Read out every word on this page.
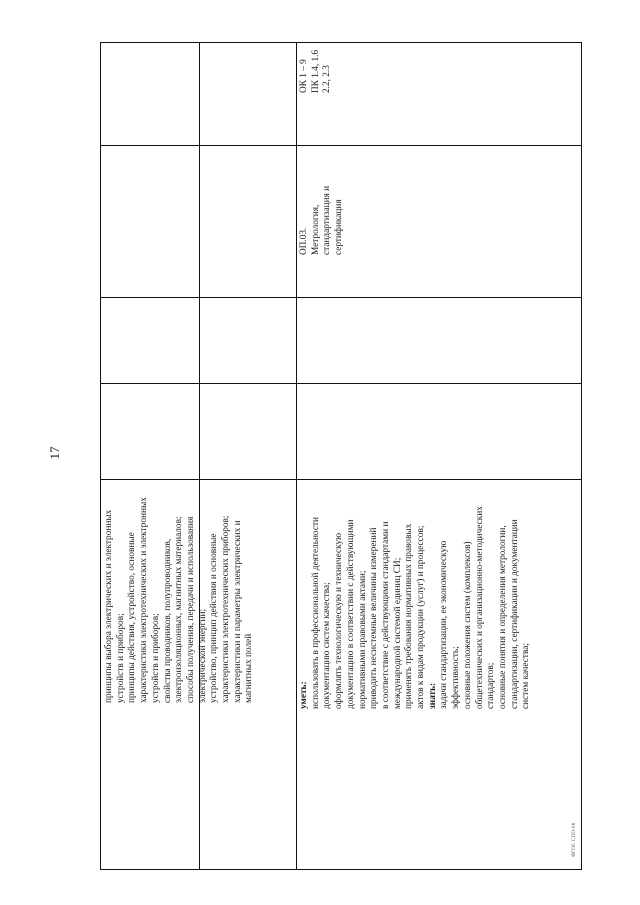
17
принципы выбора электрических и электронных устройств и приборов; принципы действия, устройство, основные характеристики электротехнических и электронных устройств и приборов; свойства проводников, полупроводников, электроизоляционных, магнитных материалов; способы получения, передачи и использования электрической энергии; устройство, принцип действия и основные характеристики электротехнических приборов; характеристики и параметры электрических и магнитных полей	уметь: использовать в профессиональной деятельности документацию систем качества; оформлять технологическую и техническую документацию в соответствии с действующими нормативными правовыми актами; приводить несистемные величины измерений в соответствие с действующими стандартами и международной системой единиц СИ; применять требования нормативных правовых актов к видам продукции (услуг) и процессов; знать: задачи стандартизации, ее экономическую эффективность; основные положения систем (комплексов) общетехнических и организационно-методических стандартов; основные понятия и определения метрологии, стандартизации, сертификации и документации систем качества;
ОП.03. Метрология, стандартизация и сертификация
ОК 1 – 9 ПК 1.4, 1.6 2.2, 2.3
ФГОС СПО-06
